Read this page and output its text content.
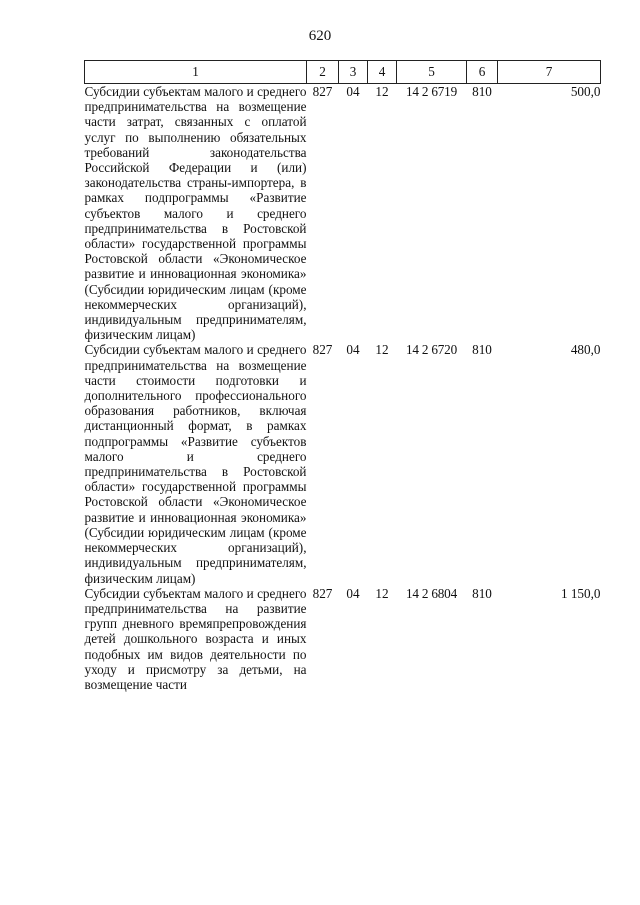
620
1	2	3	4	5	6	7
Субсидии субъектам малого и среднего предпринимательства на возмещение части затрат, связанных с оплатой услуг по выполнению обязательных требований законодательства Российской Федерации и (или) законодательства страны-импортера, в рамках подпрограммы «Развитие субъектов малого и среднего предпринимательства в Ростовской области» государственной программы Ростовской области «Экономическое развитие и инновационная экономика» (Субсидии юридическим лицам (кроме некоммерческих организаций), индивидуальным предпринимателям, физическим лицам)	827	04	12	14 2 6719	810	500,0
Субсидии субъектам малого и среднего предпринимательства на возмещение части стоимости подготовки и дополнительного профессионального образования работников, включая дистанционный формат, в рамках подпрограммы «Развитие субъектов малого и среднего предпринимательства в Ростовской области» государственной программы Ростовской области «Экономическое развитие и инновационная экономика» (Субсидии юридическим лицам (кроме некоммерческих организаций), индивидуальным предпринимателям, физическим лицам)	827	04	12	14 2 6720	810	480,0
Субсидии субъектам малого и среднего предпринимательства на развитие групп дневного времяпрепровождения детей дошкольного возраста и иных подобных им видов деятельности по уходу и присмотру за детьми, на возмещение части	827	04	12	14 2 6804	810	1 150,0
